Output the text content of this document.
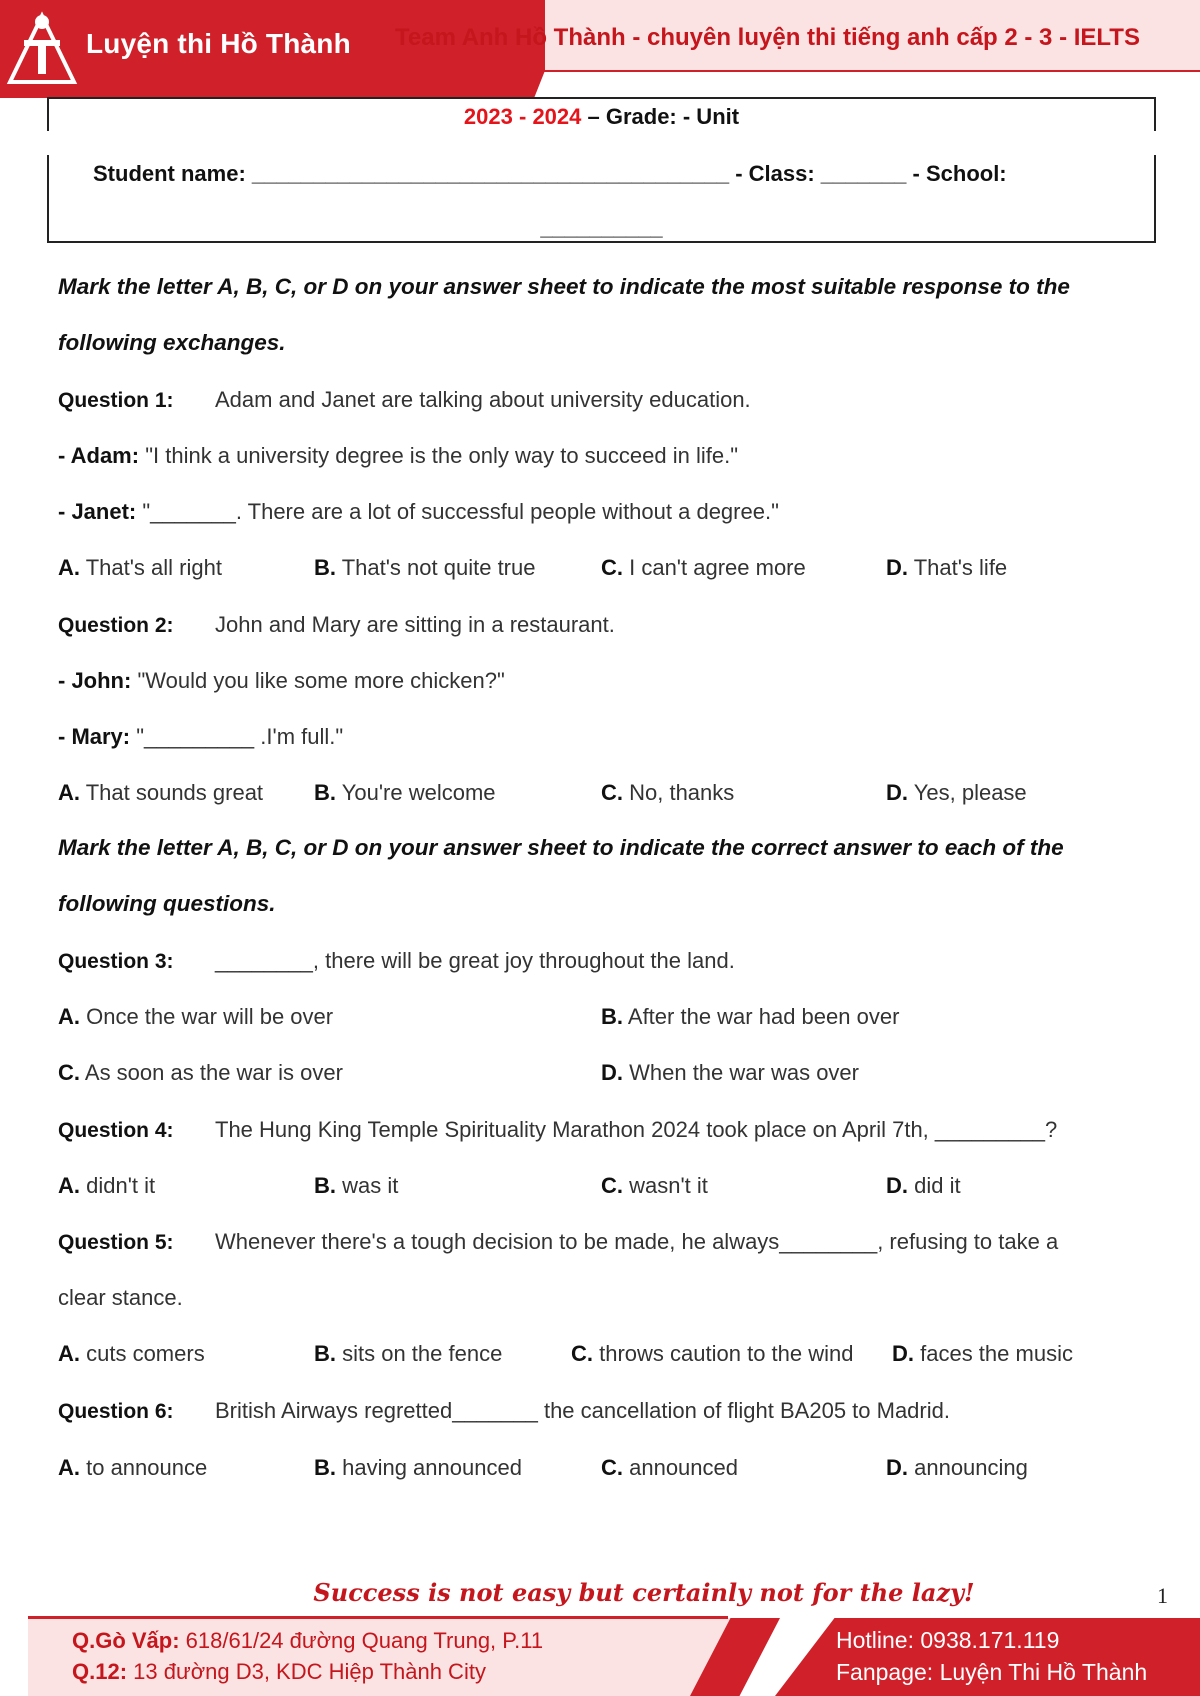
Luyện thi Hồ Thành Team Anh Hồ Thành - chuyên luyện thi tiếng anh cấp 2 - 3 - IELTS
2023 - 2024 – Grade: - Unit
Student name: _______________________________________ - Class: _______ - School:
__________
Mark the letter A, B, C, or D on your answer sheet to indicate the most suitable response to the
following exchanges.
Question 1: Adam and Janet are talking about university education.
- Adam: "I think a university degree is the only way to succeed in life."
- Janet: "_______. There are a lot of successful people without a degree."
A. That's all right	B. That's not quite true	C. I can't agree more	D. That's life
Question 2: John and Mary are sitting in a restaurant.
- John: "Would you like some more chicken?"
- Mary: "_________ .I'm full."
A. That sounds great B. You're welcome	C. No, thanks	D. Yes, please
Mark the letter A, B, C, or D on your answer sheet to indicate the correct answer to each of the
following questions.
Question 3: ________, there will be great joy throughout the land.
A. Once the war will be over	B. After the war had been over
C. As soon as the war is over	D. When the war was over
Question 4: The Hung King Temple Spirituality Marathon 2024 took place on April 7th, _________?
A. didn't it	B. was it	C. wasn't it	D. did it
Question 5: Whenever there's a tough decision to be made, he always________, refusing to take a
clear stance.
A. cuts comers	B. sits on the fence	C. throws caution to the wind D. faces the music
Question 6: British Airways regretted_______ the cancellation of flight BA205 to Madrid.
A. to announce	B. having announced	C. announced	D. announcing
Success is not easy but certainly not for the lazy!	1
Q.Gò Vấp: 618/61/24 đường Quang Trung, P.11
Q.12: 13 đường D3, KDC Hiệp Thành City
Hotline: 0938.171.119
Fanpage: Luyện Thi Hồ Thành
